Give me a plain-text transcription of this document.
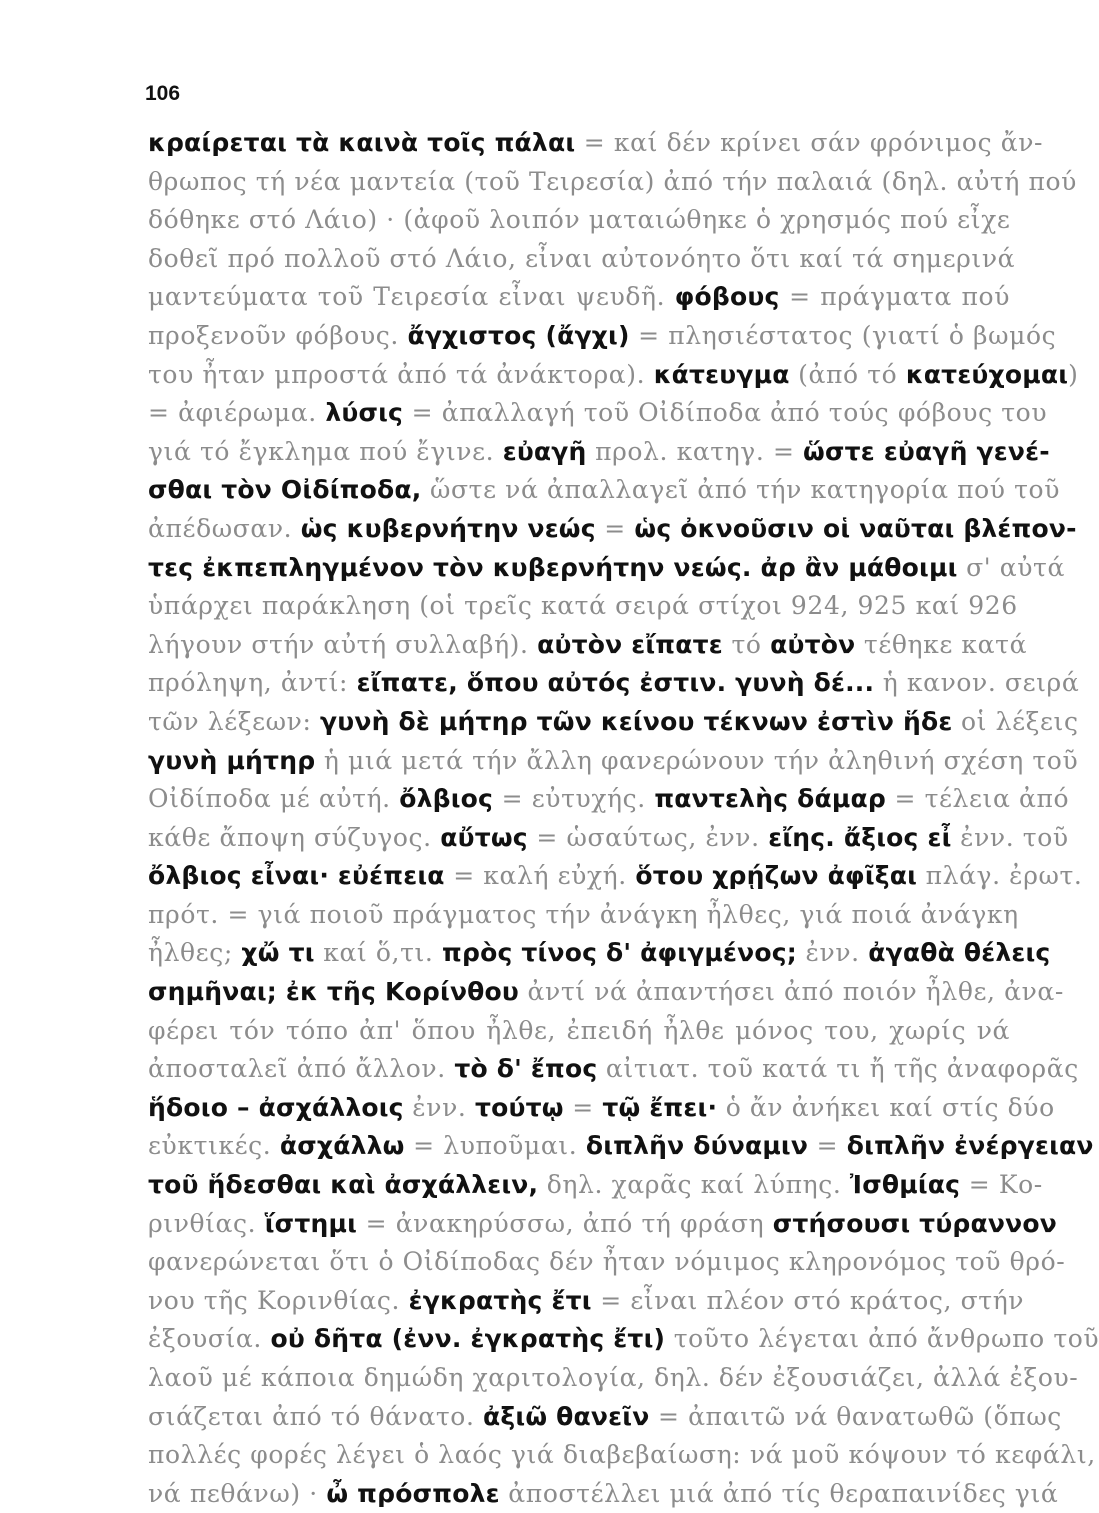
106
κραίρεται τὰ καινὰ τοῖς πάλαι = καί δέν κρίνει σάν φρόνιμος ἄν-
θρωπος τή νέα μαντεία (τοῦ Τειρεσία) ἀπό τήν παλαιά (δηλ. αὐτή πού
δόθηκε στό Λάιο) · (ἀφοῦ λοιπόν ματαιώθηκε ὁ χρησμός πού εἶχε
δοθεῖ πρό πολλοῦ στό Λάιο, εἶναι αὐτονόητο ὅτι καί τά σημερινά
μαντεύματα τοῦ Τειρεσία εἶναι ψευδῆ. φόβους = πράγματα πού
προξενοῦν φόβους. ἄγχιστος (ἄγχι) = πλησιέστατος (γιατί ὁ βωμός
του ἦταν μπροστά ἀπό τά ἀνάκτορα). κάτευγμα (ἀπό τό κατεύχομαι)
= ἀφιέρωμα. λύσις = ἀπαλλαγή τοῦ Οἰδίποδα ἀπό τούς φόβους του
γιά τό ἔγκλημα πού ἔγινε. εὐαγῆ προλ. κατηγ. = ὥστε εὐαγῆ γενέ-
σθαι τὸν Οἰδίποδα, ὥστε νά ἀπαλλαγεῖ ἀπό τήν κατηγορία πού τοῦ
ἀπέδωσαν. ὡς κυβερνήτην νεώς = ὡς ὀκνοῦσιν οἱ ναῦται βλέπον-
τες ἐκπεπληγμένον τὸν κυβερνήτην νεώς. ἀρ ἂν μάθοιμι σ' αὐτά
ὑπάρχει παράκληση (οἱ τρεῖς κατά σειρά στίχοι 924, 925 καί 926
λήγουν στήν αὐτή συλλαβή). αὐτὸν εἴπατε τό αὐτὸν τέθηκε κατά
πρόληψη, ἀντί: εἴπατε, ὅπου αὐτός ἐστιν. γυνὴ δέ... ἡ κανον. σειρά
τῶν λέξεων: γυνὴ δὲ μήτηρ τῶν κείνου τέκνων ἐστὶν ἥδε οἱ λέξεις
γυνὴ μήτηρ ἡ μιά μετά τήν ἄλλη φανερώνουν τήν ἀληθινή σχέση τοῦ
Οἰδίποδα μέ αὐτή. ὄλβιος = εὐτυχής. παντελὴς δάμαρ = τέλεια ἀπό
κάθε ἄποψη σύζυγος. αὔτως = ὡσαύτως, ἐνν. εἴης. ἄξιος εἶ ἐνν. τοῦ
ὄλβιος εἶναι· εὐέπεια = καλή εὐχή. ὅτου χρῄζων ἀφῖξαι πλάγ. ἐρωτ.
πρότ. = γιά ποιοῦ πράγματος τήν ἀνάγκη ἦλθες, γιά ποιά ἀνάγκη
ἦλθες; χὤ τι καί ὅ,τι. πρὸς τίνος δ' ἀφιγμένος; ἐνν. ἀγαθὰ θέλεις
σημῆναι; ἐκ τῆς Κορίνθου ἀντί νά ἀπαντήσει ἀπό ποιόν ἦλθε, ἀνα-
φέρει τόν τόπο ἀπ' ὅπου ἦλθε, ἐπειδή ἦλθε μόνος του, χωρίς νά
ἀποσταλεῖ ἀπό ἄλλον. τὸ δ' ἔπος αἰτιατ. τοῦ κατά τι ἤ τῆς ἀναφορᾶς
ἥδοιο – ἀσχάλλοις ἐνν. τούτῳ = τῷ ἔπει· ὁ ἄν ἀνήκει καί στίς δύο
εὐκτικές. ἀσχάλλω = λυποῦμαι. διπλῆν δύναμιν = διπλῆν ἐνέργειαν
τοῦ ἥδεσθαι καὶ ἀσχάλλειν, δηλ. χαρᾶς καί λύπης. Ἰσθμίας = Κο-
ρινθίας. ἵστημι = ἀνακηρύσσω, ἀπό τή φράση στήσουσι τύραννον
φανερώνεται ὅτι ὁ Οἰδίποδας δέν ἦταν νόμιμος κληρονόμος τοῦ θρό-
νου τῆς Κορινθίας. ἐγκρατὴς ἔτι = εἶναι πλέον στό κράτος, στήν
ἐξουσία. οὐ δῆτα (ἐνν. ἐγκρατὴς ἔτι) τοῦτο λέγεται ἀπό ἄνθρωπο τοῦ
λαοῦ μέ κάποια δημώδη χαριτολογία, δηλ. δέν ἐξουσιάζει, ἀλλά ἐξου-
σιάζεται ἀπό τό θάνατο. ἀξιῶ θανεῖν = ἀπαιτῶ νά θανατωθῶ (ὅπως
πολλές φορές λέγει ὁ λαός γιά διαβεβαίωση: νά μοῦ κόψουν τό κεφάλι,
νά πεθάνω) · ὦ πρόσπολε ἀποστέλλει μιά ἀπό τίς θεραπαινίδες γιά
